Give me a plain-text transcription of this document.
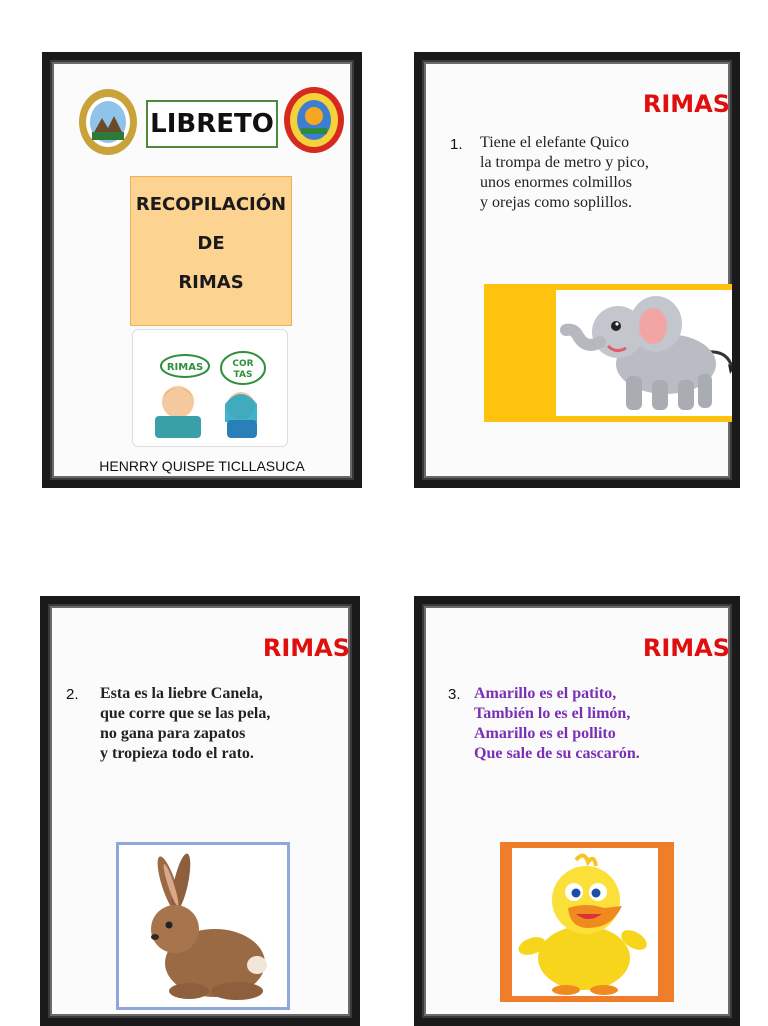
LIBRETO
RECOPILACIÓN
DE
RIMAS
RIMAS	COR
TAS
HENRRY QUISPE TICLLASUCA
RIMAS
1. Tiene el elefante Quico
la trompa de metro y pico,
unos enormes colmillos
y orejas como soplillos.
RIMAS
2. Esta es la liebre Canela,
que corre que se las pela,
no gana para zapatos
y tropieza todo el rato.
RIMAS
3. Amarillo es el patito,
También lo es el limón,
Amarillo es el pollito
Que sale de su cascarón.
